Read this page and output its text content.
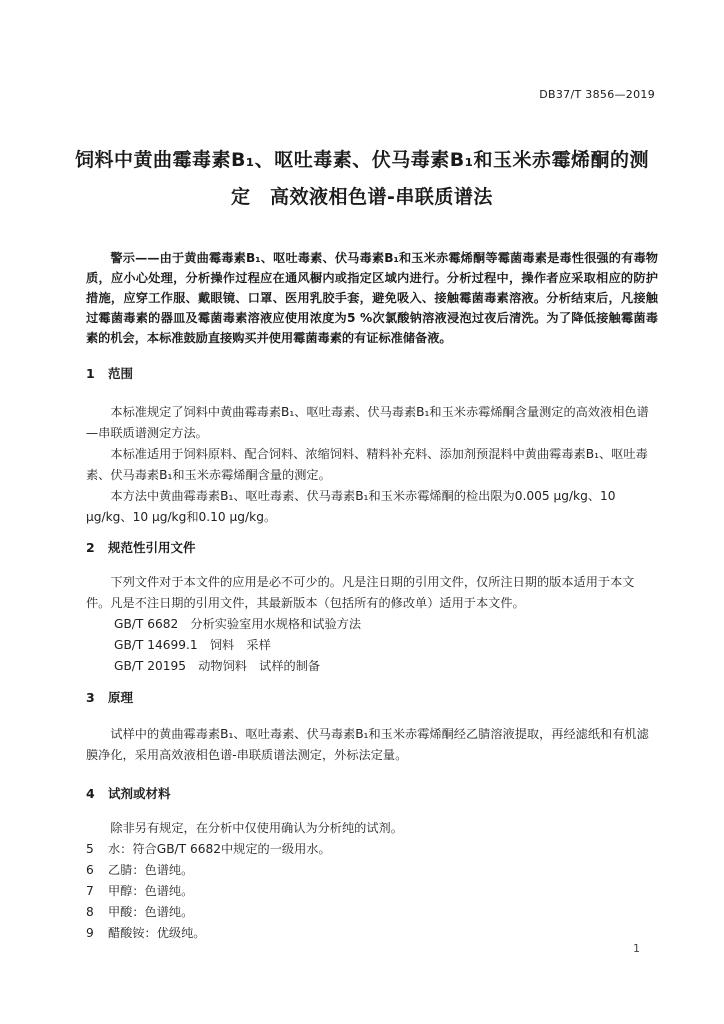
DB37/T 3856—2019
饲料中黄曲霉毒素B₁、呕吐毒素、伏马毒素B₁和玉米赤霉烯酮的测
定　高效液相色谱-串联质谱法

警示——由于黄曲霉毒素B₁、呕吐毒素、伏马毒素B₁和玉米赤霉烯酮等霉菌毒素是毒性很强的有毒物质，应小心处理，分析操作过程应在通风橱内或指定区域内进行。分析过程中，操作者应采取相应的防护措施，应穿工作服、戴眼镜、口罩、医用乳胶手套，避免吸入、接触霉菌毒素溶液。分析结束后，凡接触过霉菌毒素的器皿及霉菌毒素溶液应使用浓度为5 %次氯酸钠溶液浸泡过夜后清洗。为了降低接触霉菌毒素的机会，本标准鼓励直接购买并使用霉菌毒素的有证标准储备液。

1 范围

本标准规定了饲料中黄曲霉毒素B₁、呕吐毒素、伏马毒素B₁和玉米赤霉烯酮含量测定的高效液相色谱—串联质谱测定方法。

本标准适用于饲料原料、配合饲料、浓缩饲料、精料补充料、添加剂预混料中黄曲霉毒素B₁、呕吐毒素、伏马毒素B₁和玉米赤霉烯酮含量的测定。

本方法中黄曲霉毒素B₁、呕吐毒素、伏马毒素B₁和玉米赤霉烯酮的检出限为0.005 μg/kg、10 μg/kg、10 μg/kg和0.10 μg/kg。

2 规范性引用文件

下列文件对于本文件的应用是必不可少的。凡是注日期的引用文件，仅所注日期的版本适用于本文件。凡是不注日期的引用文件，其最新版本（包括所有的修改单）适用于本文件。

GB/T 6682　分析实验室用水规格和试验方法

GB/T 14699.1　饲料　采样

GB/T 20195　动物饲料　试样的制备

3 原理

试样中的黄曲霉毒素B₁、呕吐毒素、伏马毒素B₁和玉米赤霉烯酮经乙腈溶液提取，再经滤纸和有机滤膜净化，采用高效液相色谱-串联质谱法测定，外标法定量。

4 试剂或材料

除非另有规定，在分析中仅使用确认为分析纯的试剂。

5	水：符合GB/T 6682中规定的一级用水。
6	乙腈：色谱纯。
7	甲醇：色谱纯。
8	甲酸：色谱纯。
9	醋酸铵：优级纯。
1
